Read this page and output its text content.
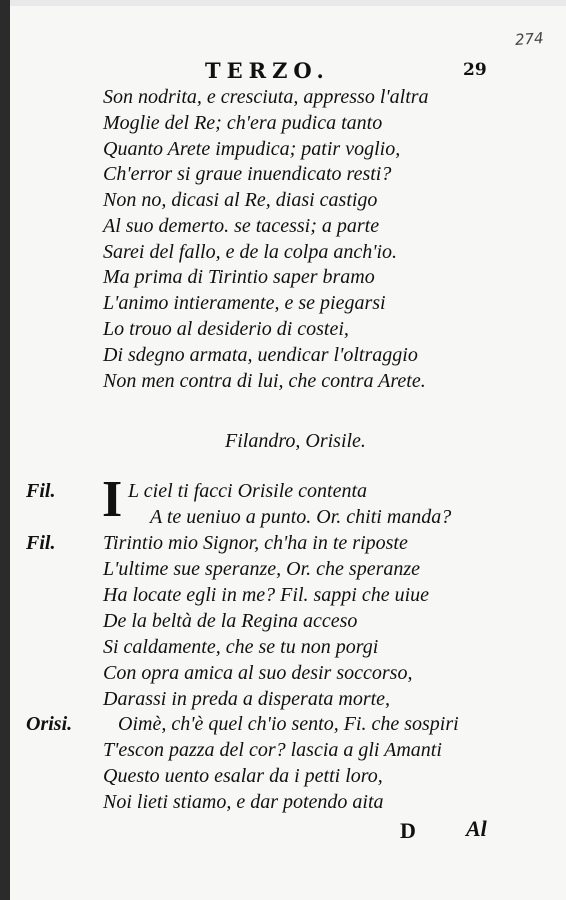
274
TERZO.	29
Son nodrita, e cresciuta, appresso l'altra
Moglie del Re; ch'era pudica tanto
Quanto Arete impudica; patir voglio,
Ch'error si graue inuendicato resti?
Non no, dicasi al Re, diasi castigo
Al suo demerto. se tacessi; a parte
Sarei del fallo, e de la colpa anch'io.
Ma prima di Tirintio saper bramo
L'animo intieramente, e se piegarsi
Lo trouo al desiderio di costei,
Di sdegno armata, uendicar l'oltraggio
Non men contra di lui, che contra Arete.
Filandro, Orisile.
Fil.
Fil.
Orisi.
I L ciel ti facci Orisile contenta
A te ueniuo a punto. Or. chiti manda?
Tirintio mio Signor, ch'ha in te riposte
L'ultime sue speranze, Or. che speranze
Ha locate egli in me? Fil. sappi che uiue
De la beltà de la Regina acceso
Si caldamente, che se tu non porgi
Con opra amica al suo desir soccorso,
Darassi in preda a disperata morte,
Oimè, ch'è quel ch'io sento, Fi. che sospiri
T'escon pazza del cor? lascia a gli Amanti
Questo uento esalar da i petti loro,
Noi lieti stiamo, e dar potendo aita
D Al
